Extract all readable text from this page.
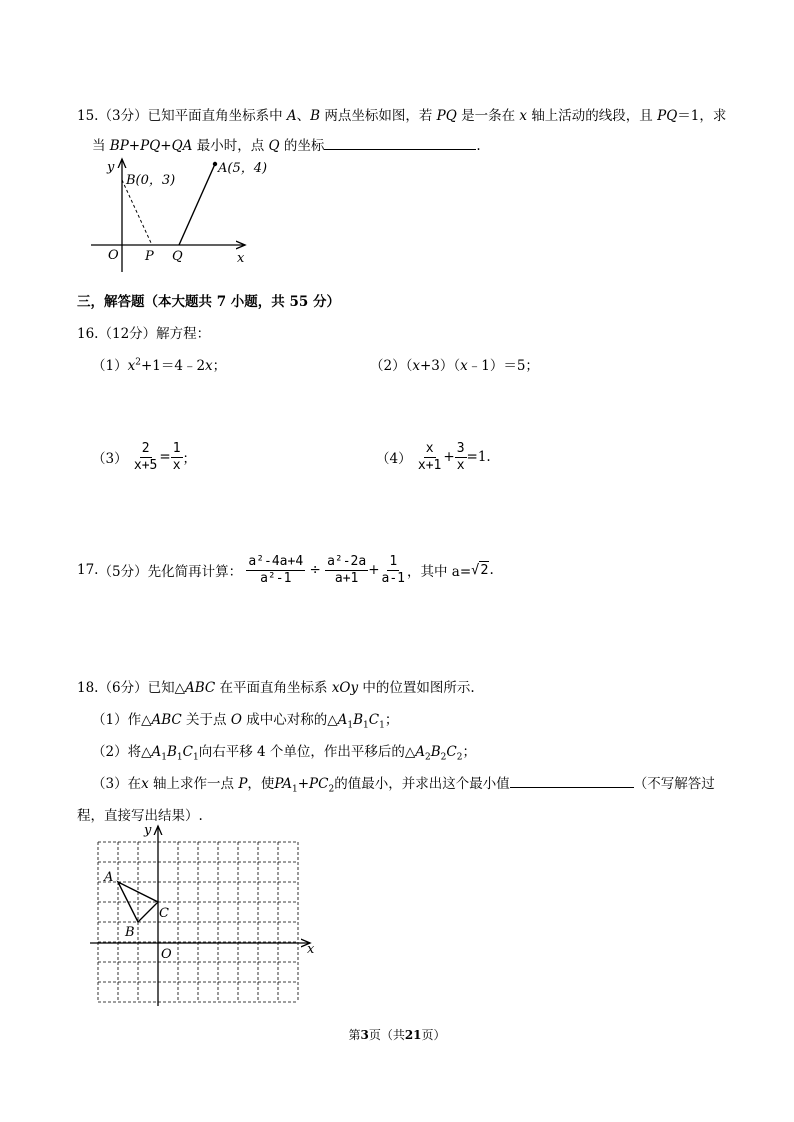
15.（3分）已知平面直角坐标系中 A、B 两点坐标如图，若 PQ 是一条在 x 轴上活动的线段，且 PQ＝1，求
当 BP+PQ+QA 最小时，点 Q 的坐标	.
A(5，4)
B(0，3)
y
x
O P Q
三，解答题（本大题共 7 小题，共 55 分）
16.（12分）解方程：
$(1)x^2+1=4﹣2x$；	（2）（x+3）（x﹣1）＝5；
$(3) \frac{2}{x+5} = \frac{1}{x}$ ；	$(4) \frac{x}{x+1} + \frac{3}{x} =1$.
17.（5分）先化简再计算： $\frac{\text{a²-4a+4}}{\text{a²-1}} \div \frac{\text{a²-2a}}{a+1} + \frac{1}{a-1}$ ，其中 a=√2.
18.（6分）已知△ABC 在平面直角坐标系 xOy 中的位置如图所示.
（1）作△ABC 关于点 O 成中心对称的$\triangle A_1B_1C_1$；
（2）将$\triangle A_1B_1C_1$向右平移 4 个单位，作出平移后的$\triangle A_2B_2C_2$；
（3）在x 轴上求作一点 P，使$PA_1+PC_2$的值最小，并求出这个最小值	（不写解答过
程，直接写出结果）.
A
B
C
O	x
y
第3页（共21页）
